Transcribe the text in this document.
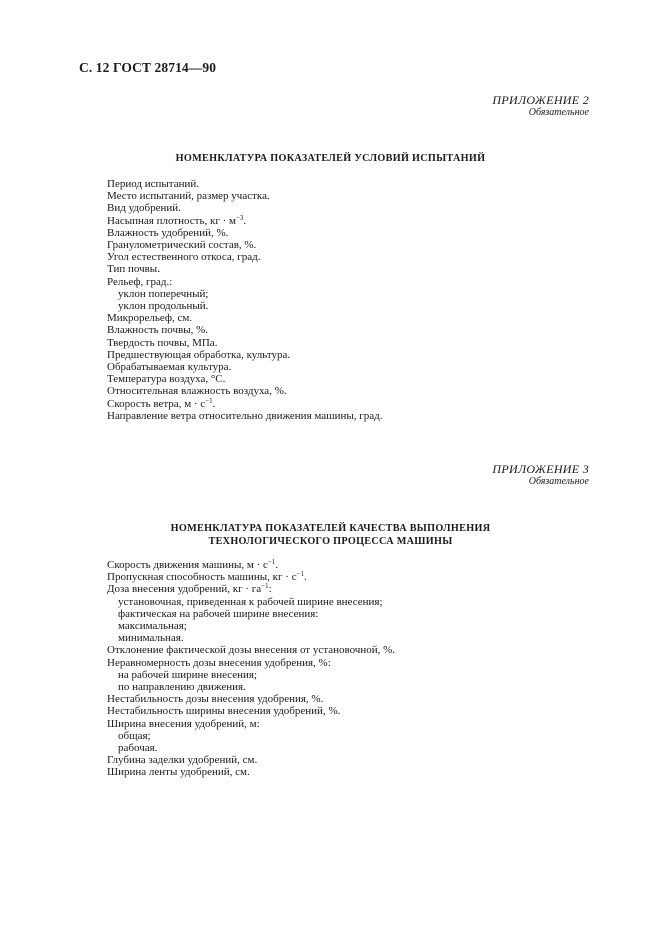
С. 12 ГОСТ 28714—90
ПРИЛОЖЕНИЕ 2
Обязательное
НОМЕНКЛАТУРА ПОКАЗАТЕЛЕЙ УСЛОВИЙ ИСПЫТАНИЙ
Период испытаний.
Место испытаний, размер участка.
Вид удобрений.
Насыпная плотность, кг · $м^{-3}$.
Влажность удобрений, %.
Гранулометрический состав, %.
Угол естественного откоса, град.
Тип почвы.
Рельеф, град.:
уклон поперечный;
уклон продольный.
Микрорельеф, см.
Влажность почвы, %.
Твердость почвы, МПа.
Предшествующая обработка, культура.
Обрабатываемая культура.
Температура воздуха, °С.
Относительная влажность воздуха, %.
Скорость ветра, $м \cdot с^{-1}$.
Направление ветра относительно движения машины, град.
ПРИЛОЖЕНИЕ 3
Обязательное
НОМЕНКЛАТУРА ПОКАЗАТЕЛЕЙ КАЧЕСТВА ВЫПОЛНЕНИЯ
ТЕХНОЛОГИЧЕСКОГО ПРОЦЕССА МАШИНЫ
Скорость движения машины, $м \cdot с^{-1}$.
Пропускная способность машины, кг · $с^{-1}$.
Доза внесения удобрений, кг · $га^{-1}$:
установочная, приведенная к рабочей ширине внесения;
фактическая на рабочей ширине внесения:
максимальная;
минимальная.
Отклонение фактической дозы внесения от установочной, %.
Неравномерность дозы внесения удобрения, %:
на рабочей ширине внесения;
по направлению движения.
Нестабильность дозы внесения удобрения, %.
Нестабильность ширины внесения удобрений, %.
Ширина внесения удобрений, м:
общая;
рабочая.
Глубина заделки удобрений, см.
Ширина ленты удобрений, см.
